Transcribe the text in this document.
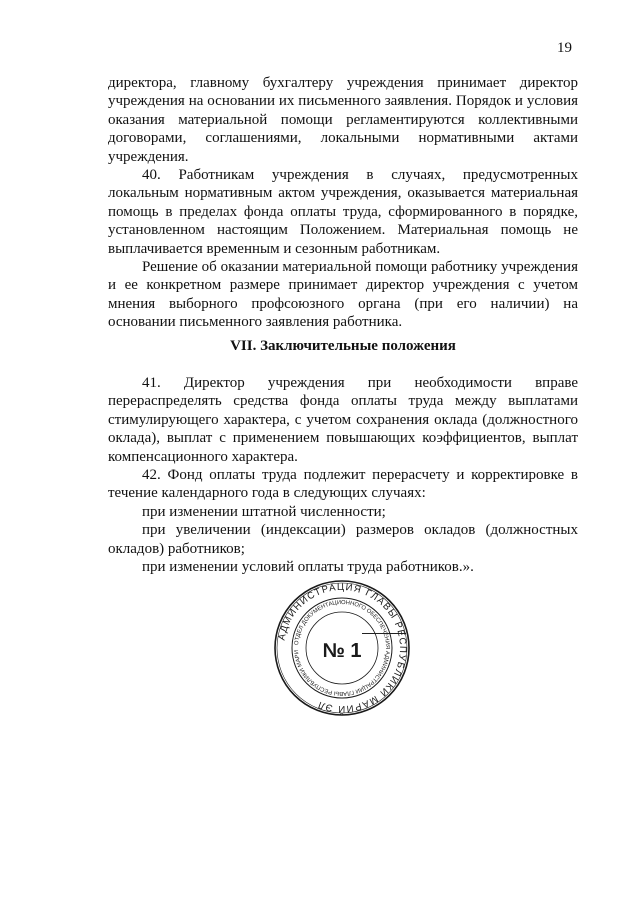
19

директора, главному бухгалтеру учреждения принимает директор учреждения на основании их письменного заявления. Порядок и условия оказания материальной помощи регламентируются коллективными договорами, соглашениями, локальными нормативными актами учреждения.

40. Работникам учреждения в случаях, предусмотренных локальным нормативным актом учреждения, оказывается материальная помощь в пределах фонда оплаты труда, сформированного в порядке, установленном настоящим Положением. Материальная помощь не выплачивается временным и сезонным работникам.

Решение об оказании материальной помощи работнику учреждения и ее конкретном размере принимает директор учреждения с учетом мнения выборного профсоюзного органа (при его наличии) на основании письменного заявления работника.

VII. Заключительные положения

41. Директор учреждения при необходимости вправе перераспределять средства фонда оплаты труда между выплатами стимулирующего характера, с учетом сохранения оклада (должностного оклада), выплат с применением повышающих коэффициентов, выплат компенсационного характера.

42. Фонд оплаты труда подлежит перерасчету и корректировке в течение календарного года в следующих случаях:

при изменении штатной численности;

при увеличении (индексации) размеров окладов (должностных окладов) работников;

при изменении условий оплаты труда работников.».

АДМИНИСТРАЦИЯ ГЛАВЫ РЕСПУБЛИКИ МАРИЙ ЭЛ
ОТДЕЛ ДОКУМЕНТАЦИОННОГО ОБЕСПЕЧЕНИЯ АДМИНИСТРАЦИИ ГЛАВЫ РЕСПУБЛИКИ МАРИ	№ 1
